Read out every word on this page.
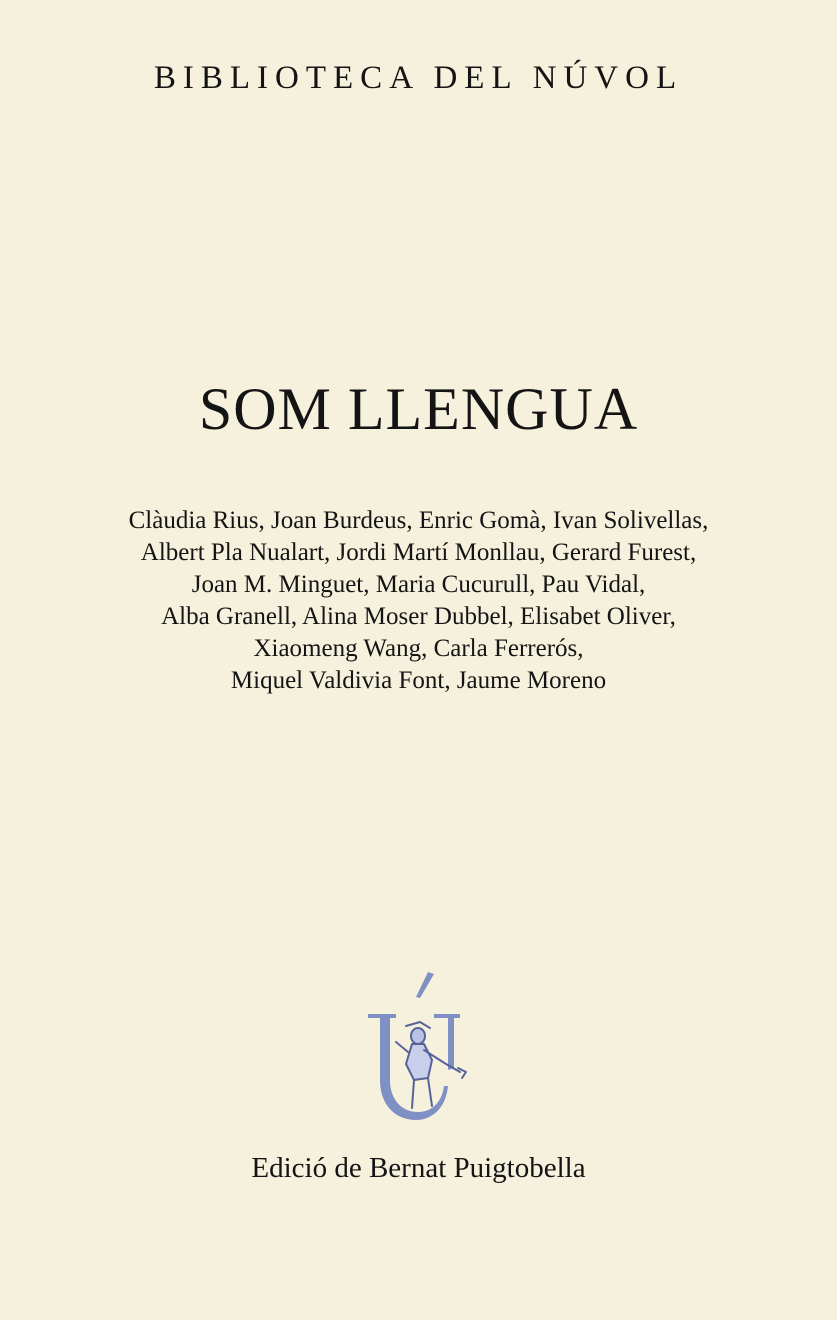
BIBLIOTECA DEL NÚVOL
SOM LLENGUA
Clàudia Rius, Joan Burdeus, Enric Gomà, Ivan Solivellas,
Albert Pla Nualart, Jordi Martí Monllau, Gerard Furest,
Joan M. Minguet, Maria Cucurull, Pau Vidal,
Alba Granell, Alina Moser Dubbel, Elisabet Oliver,
Xiaomeng Wang, Carla Ferrerós,
Miquel Valdivia Font, Jaume Moreno
Edició de Bernat Puigtobella
